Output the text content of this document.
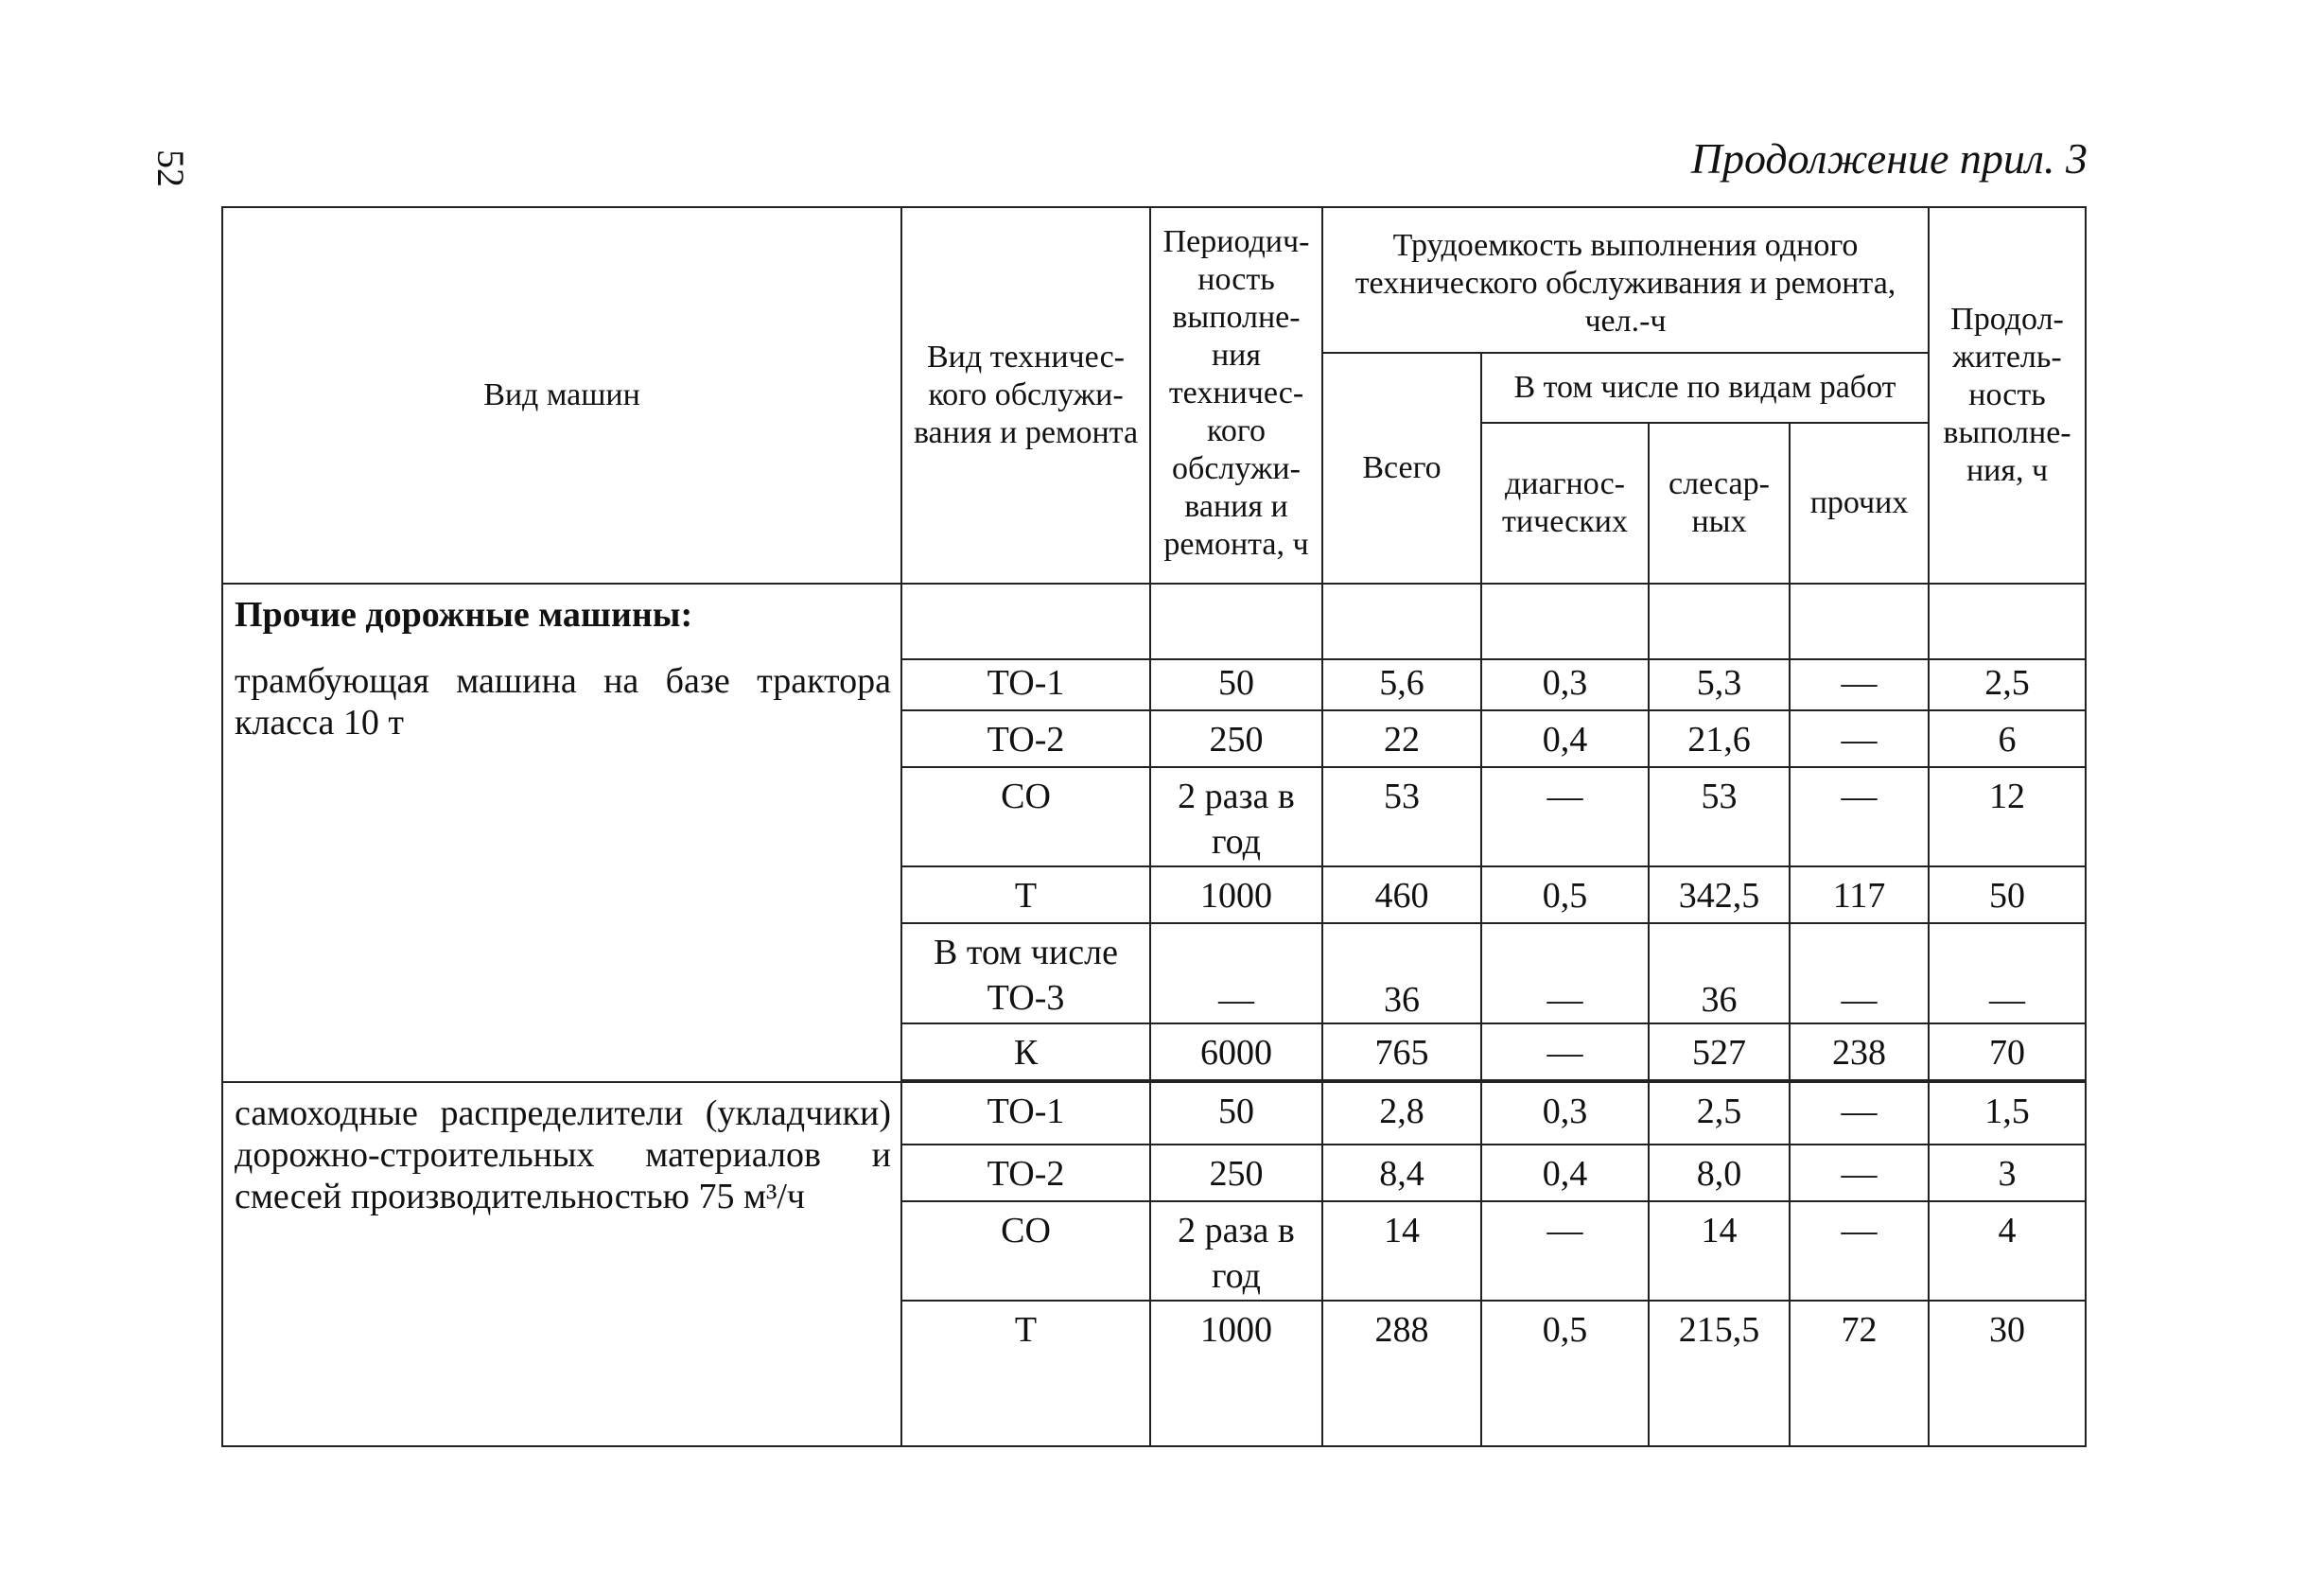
52	Продолжение прил. 3
Вид машин	Вид техничес-кого обслужи-вания и ремонта	Периодич-ность выполне-ния техничес-кого обслужи-вания и ремонта, ч	Трудоемкость выполнения одного технического обслуживания и ремонта, чел.-ч				Продол-житель-ность выполне-ния, ч
			Всего	В том числе по видам работ			
				диагнос-тических	слесар-ных	прочих	

Прочие дорожные машины:
трамбующая машина на базе трактора класса 10 т							

	ТО-1	50	5,6	0,3	5,3	—	2,5
	ТО-2	250	22	0,4	21,6	—	6
	СО	2 раза в год	53	—	53	—	12
	Т	1000	460	0,5	342,5	117	50
	В том числе ТО-3	—	36	—	36	—	—
	К	6000	765	—	527	238	70

самоходные распределители (укладчики) дорожно-строительных материалов и смесей производительностью 75 м³/ч	ТО-1	50	2,8	0,3	2,5	—	1,5
	ТО-2	250	8,4	0,4	8,0	—	3
	СО	2 раза в год	14	—	14	—	4
	Т	1000	288	0,5	215,5	72	30
